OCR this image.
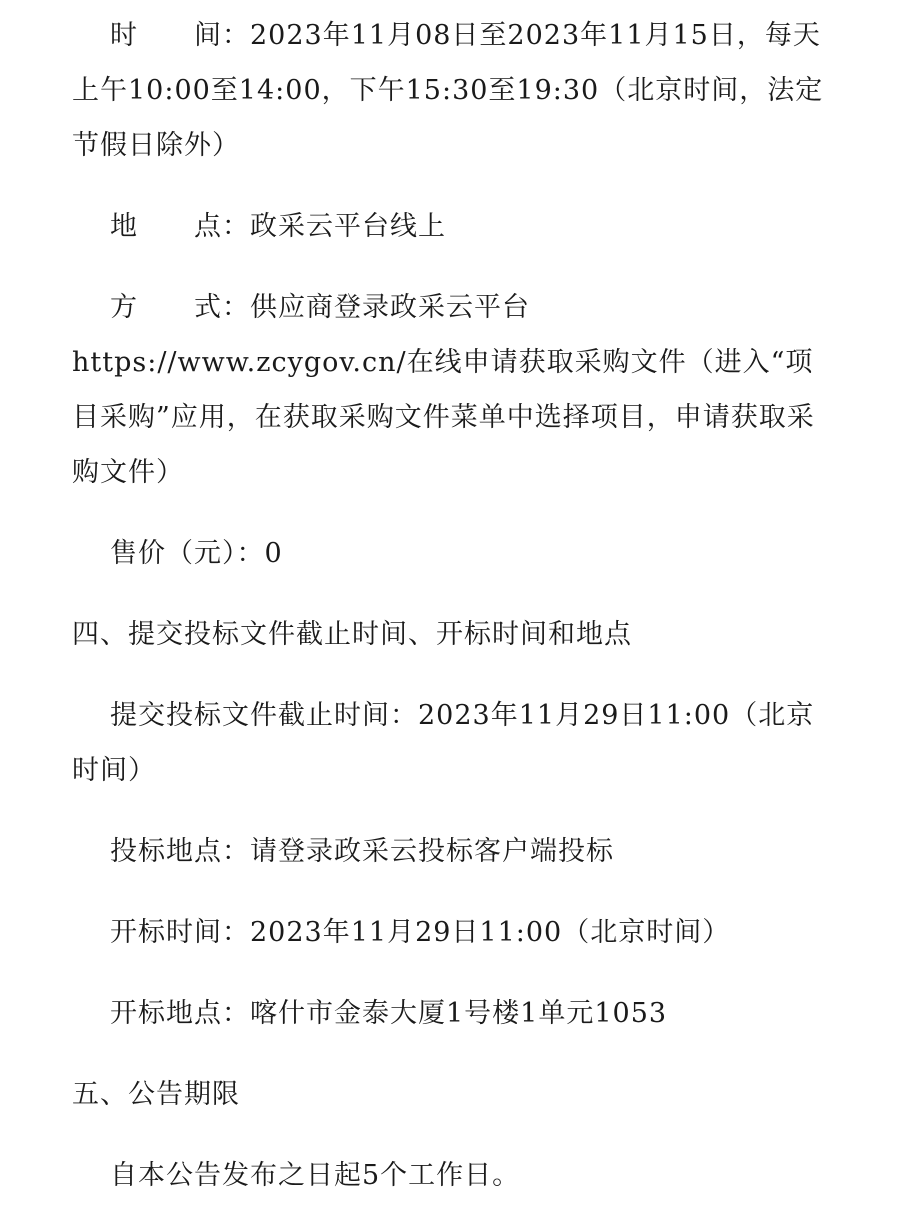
时　　间：2023年11月08日至2023年11月15日，每天上午10:00至14:00，下午15:30至19:30（北京时间，法定节假日除外）

地　　点：政采云平台线上

方　　式：供应商登录政采云平台

https://www.zcygov.cn/在线申请获取采购文件（进入“项目采购”应用，在获取采购文件菜单中选择项目，申请获取采购文件）

售价（元）：0

四、提交投标文件截止时间、开标时间和地点

提交投标文件截止时间：2023年11月29日11:00（北京时间）

投标地点：请登录政采云投标客户端投标

开标时间：2023年11月29日11:00（北京时间）

开标地点：喀什市金泰大厦1号楼1单元1053

五、公告期限

自本公告发布之日起5个工作日。
